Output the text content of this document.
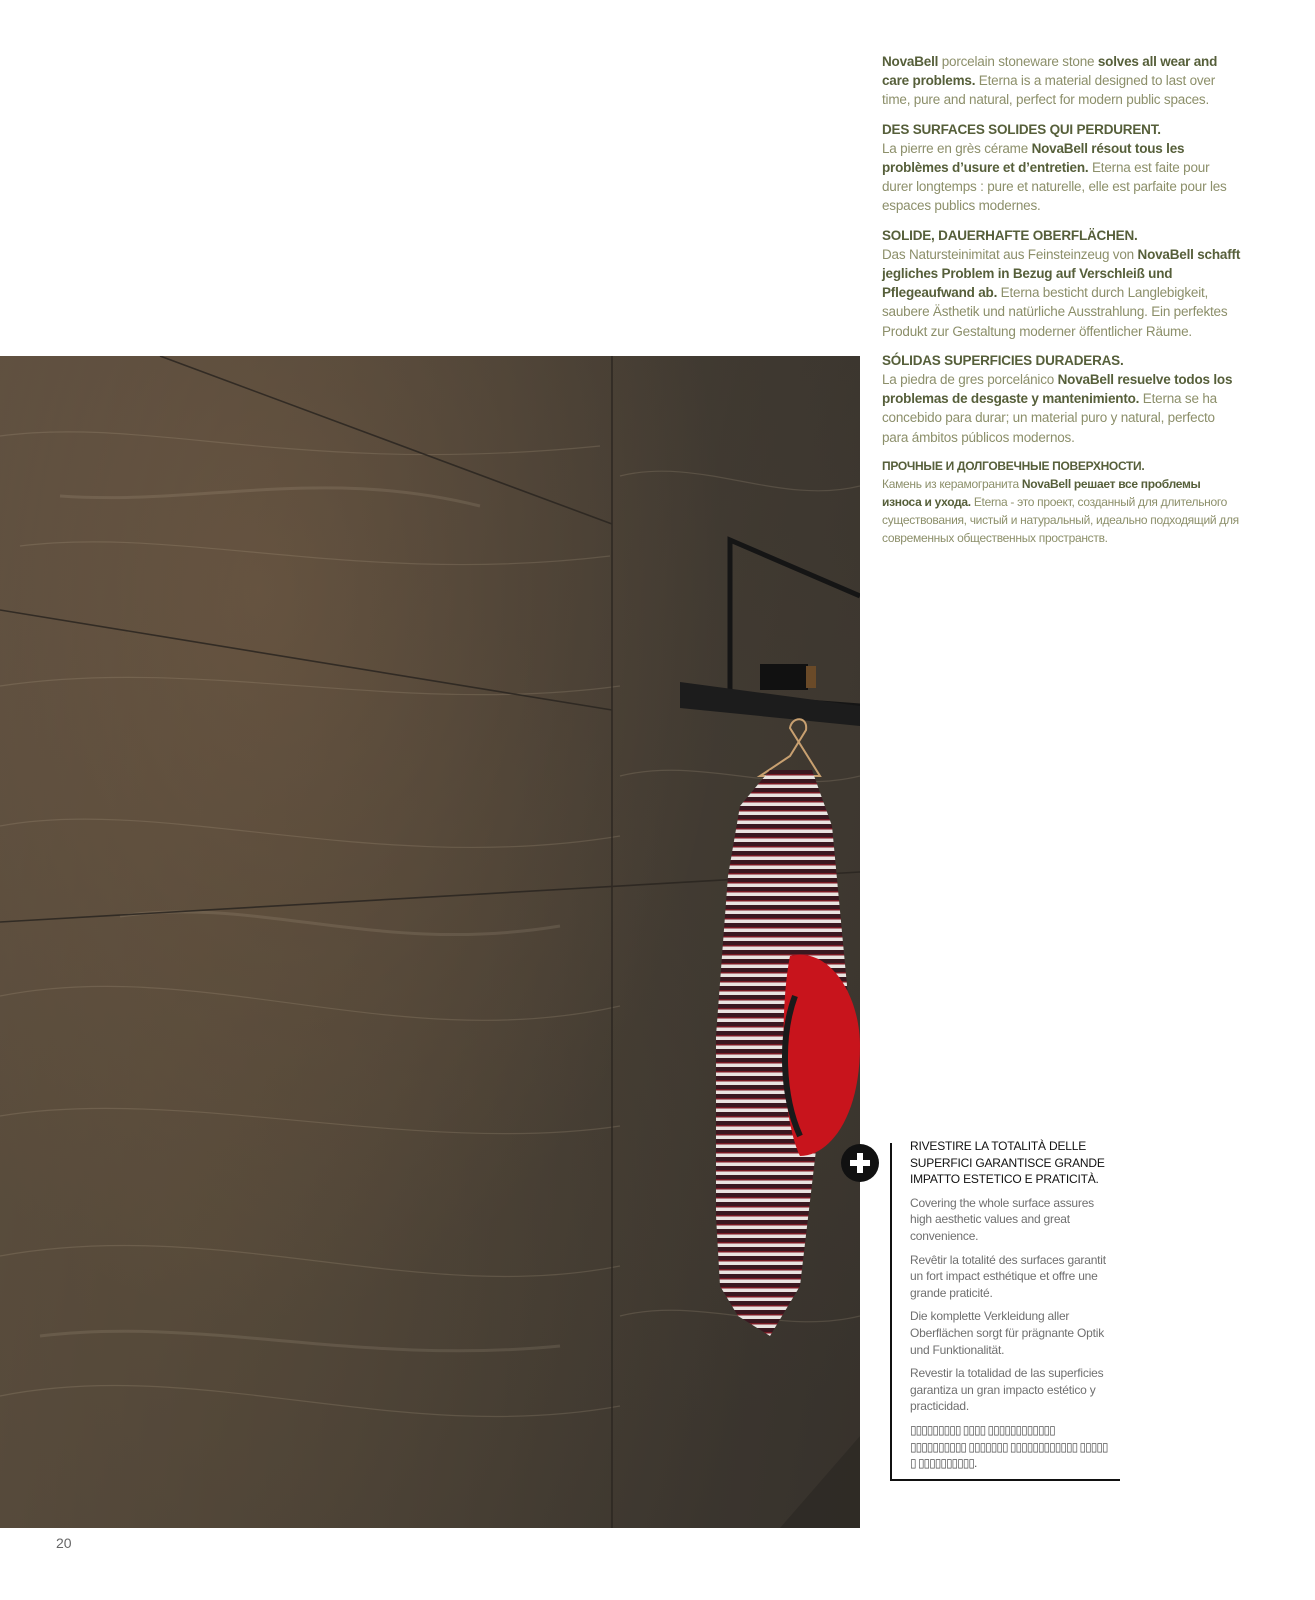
NovaBell porcelain stoneware stone solves all wear and care problems. Eterna is a material designed to last over time, pure and natural, perfect for modern public spaces.

DES SURFACES SOLIDES QUI PERDURENT.
La pierre en grès cérame NovaBell résout tous les problèmes d’usure et d’entretien. Eterna est faite pour durer longtemps : pure et naturelle, elle est parfaite pour les espaces publics modernes.

SOLIDE, DAUERHAFTE OBERFLÄCHEN.
Das Natursteinimitat aus Feinsteinzeug von NovaBell schafft jegliches Problem in Bezug auf Verschleiß und Pflegeaufwand ab. Eterna besticht durch Langlebigkeit, saubere Ästhetik und natürliche Ausstrahlung. Ein perfektes Produkt zur Gestaltung moderner öffentlicher Räume.

SÓLIDAS SUPERFICIES DURADERAS.
La piedra de gres porcelánico NovaBell resuelve todos los problemas de desgaste y mantenimiento. Eterna se ha concebido para durar; un material puro y natural, perfecto para ámbitos públicos modernos.

ПРОЧНЫЕ И ДОЛГОВЕЧНЫЕ ПОВЕРХНОСТИ.
Камень из керамогранита NovaBell решает все проблемы износа и ухода. Eterna - это проект, созданный для длительного существования, чистый и натуральный, идеально подходящий для современных общественных пространств.

RIVESTIRE LA TOTALITÀ DELLE SUPERFICI GARANTISCE GRANDE IMPATTO ESTETICO E PRATICITÀ.

Covering the whole surface assures high aesthetic values and great convenience.

Revêtir la totalité des surfaces garantit un fort impact esthétique et offre une grande praticité.

Die komplette Verkleidung aller Oberflächen sorgt für prägnante Optik und Funktionalität.

Revestir la totalidad de las superficies garantiza un gran impacto estético y practicidad.

▯▯▯▯▯▯▯▯▯ ▯▯▯▯ ▯▯▯▯▯▯▯▯▯▯▯▯ ▯▯▯▯▯▯▯▯▯▯ ▯▯▯▯▯▯▯ ▯▯▯▯▯▯▯▯▯▯▯▯ ▯▯▯▯▯ ▯ ▯▯▯▯▯▯▯▯▯▯.

20
